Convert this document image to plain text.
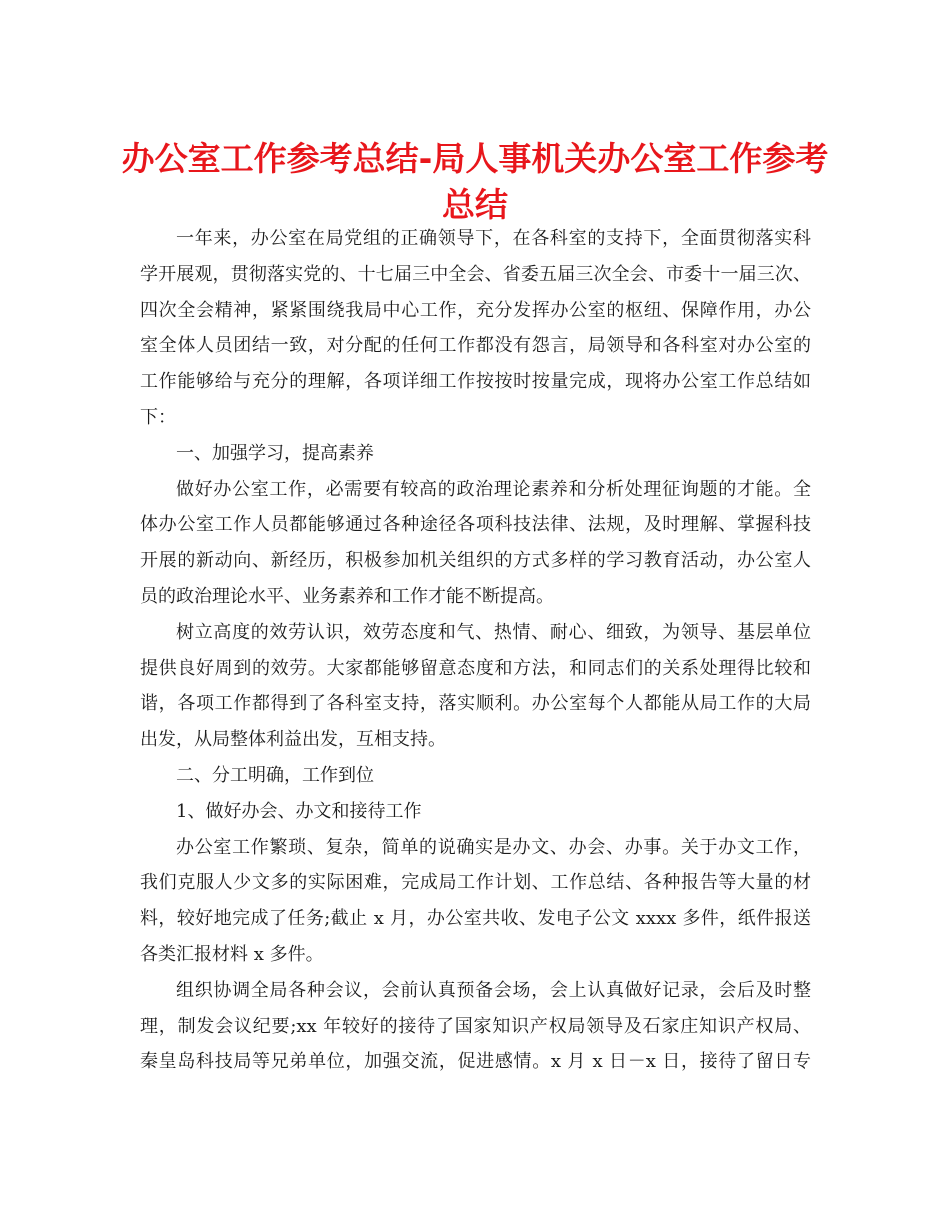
办公室工作参考总结-局人事机关办公室工作参考
总结
一年来，办公室在局党组的正确领导下，在各科室的支持下，全面贯彻落实科
学开展观，贯彻落实党的、十七届三中全会、省委五届三次全会、市委十一届三次、
四次全会精神，紧紧围绕我局中心工作，充分发挥办公室的枢纽、保障作用，办公
室全体人员团结一致，对分配的任何工作都没有怨言，局领导和各科室对办公室的
工作能够给与充分的理解，各项详细工作按按时按量完成，现将办公室工作总结如
下：
一、加强学习，提高素养
做好办公室工作，必需要有较高的政治理论素养和分析处理征询题的才能。全
体办公室工作人员都能够通过各种途径各项科技法律、法规，及时理解、掌握科技
开展的新动向、新经历，积极参加机关组织的方式多样的学习教育活动，办公室人
员的政治理论水平、业务素养和工作才能不断提高。
树立高度的效劳认识，效劳态度和气、热情、耐心、细致，为领导、基层单位
提供良好周到的效劳。大家都能够留意态度和方法，和同志们的关系处理得比较和
谐，各项工作都得到了各科室支持，落实顺利。办公室每个人都能从局工作的大局
出发，从局整体利益出发，互相支持。
二、分工明确，工作到位
1、做好办会、办文和接待工作
办公室工作繁琐、复杂，简单的说确实是办文、办会、办事。关于办文工作，
我们克服人少文多的实际困难，完成局工作计划、工作总结、各种报告等大量的材
料，较好地完成了任务;截止 x 月，办公室共收、发电子公文 xxxx 多件，纸件报送
各类汇报材料 x 多件。
组织协调全局各种会议，会前认真预备会场，会上认真做好记录，会后及时整
理，制发会议纪要;xx 年较好的接待了国家知识产权局领导及石家庄知识产权局、
秦皇岛科技局等兄弟单位，加强交流，促进感情。x 月 x 日－x 日，接待了留日专
